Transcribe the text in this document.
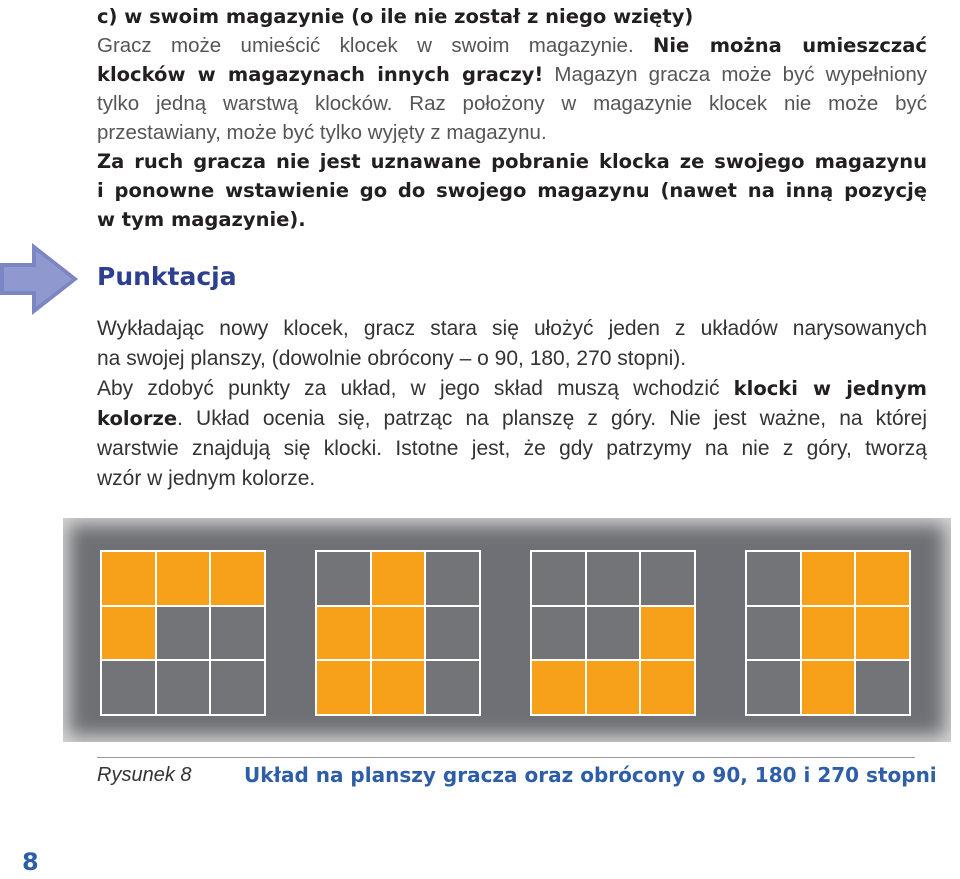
c) w swoim magazynie (o ile nie został z niego wzięty)
Gracz może umieścić klocek w swoim magazynie. Nie można umieszczać
klocków w magazynach innych graczy! Magazyn gracza może być wypełniony
tylko jedną warstwą klocków. Raz położony w magazynie klocek nie może być
przestawiany, może być tylko wyjęty z magazynu.
Za ruch gracza nie jest uznawane pobranie klocka ze swojego magazynu
i ponowne wstawienie go do swojego magazynu (nawet na inną pozycję
w tym magazynie).
Punktacja
Wykładając nowy klocek, gracz stara się ułożyć jeden z układów narysowanych
na swojej planszy, (dowolnie obrócony – o 90, 180, 270 stopni).
Aby zdobyć punkty za układ, w jego skład muszą wchodzić klocki w jednym
kolorze. Układ ocenia się, patrząc na planszę z góry. Nie jest ważne, na której
warstwie znajdują się klocki. Istotne jest, że gdy patrzymy na nie z góry, tworzą
wzór w jednym kolorze.
Rysunek 8	Układ na planszy gracza oraz obrócony o 90, 180 i 270 stopni
8
